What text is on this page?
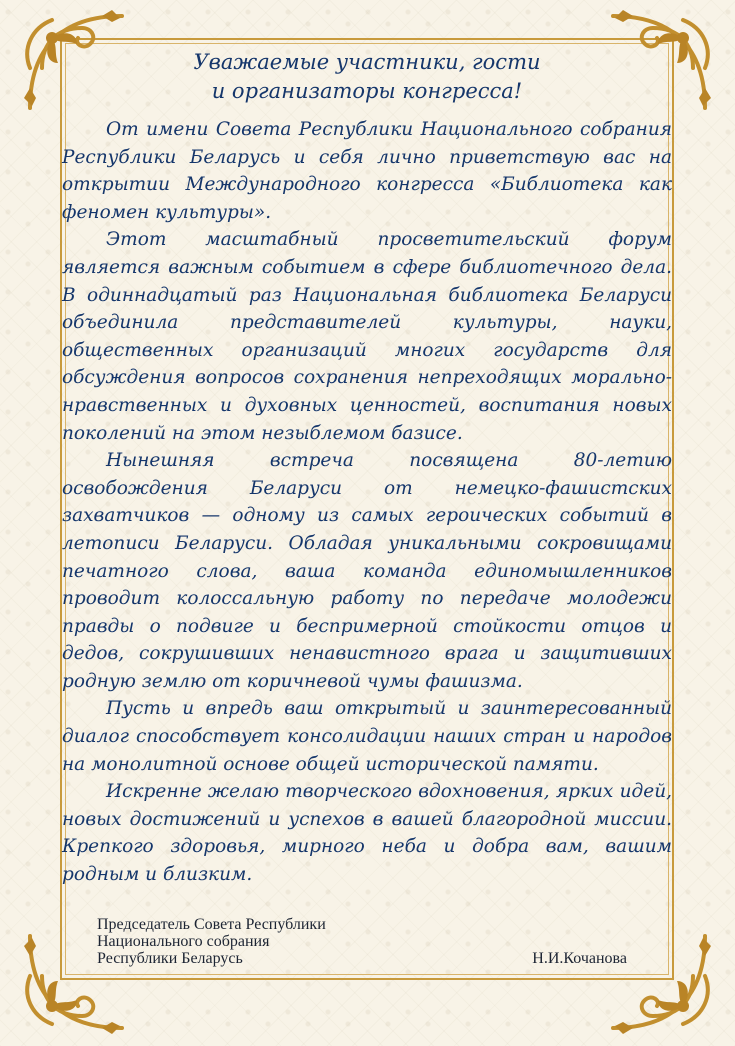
Уважаемые участники, гости
и организаторы конгресса!

От имени Совета Республики Национального собрания Республики Беларусь и себя лично приветствую вас на открытии Международного конгресса «Библиотека как феномен культуры».

Этот масштабный просветительский форум является важным событием в сфере библиотечного дела. В одиннадцатый раз Национальная библиотека Беларуси объединила представителей культуры, науки, общественных организаций многих государств для обсуждения вопросов сохранения непреходящих морально-нравственных и духовных ценностей, воспитания новых поколений на этом незыблемом базисе.

Нынешняя встреча посвящена 80-летию освобождения Беларуси от немецко-фашистских захватчиков — одному из самых героических событий в летописи Беларуси. Обладая уникальными сокровищами печатного слова, ваша команда единомышленников проводит колоссальную работу по передаче молодежи правды о подвиге и беспримерной стойкости отцов и дедов, сокрушивших ненавистного врага и защитивших родную землю от коричневой чумы фашизма.

Пусть и впредь ваш открытый и заинтересованный диалог способствует консолидации наших стран и народов на монолитной основе общей исторической памяти.

Искренне желаю творческого вдохновения, ярких идей, новых достижений и успехов в вашей благородной миссии. Крепкого здоровья, мирного неба и добра вам, вашим родным и близким.

Председатель Совета Республики
Национального собрания
Республики Беларусь	Н.И.Кочанова
